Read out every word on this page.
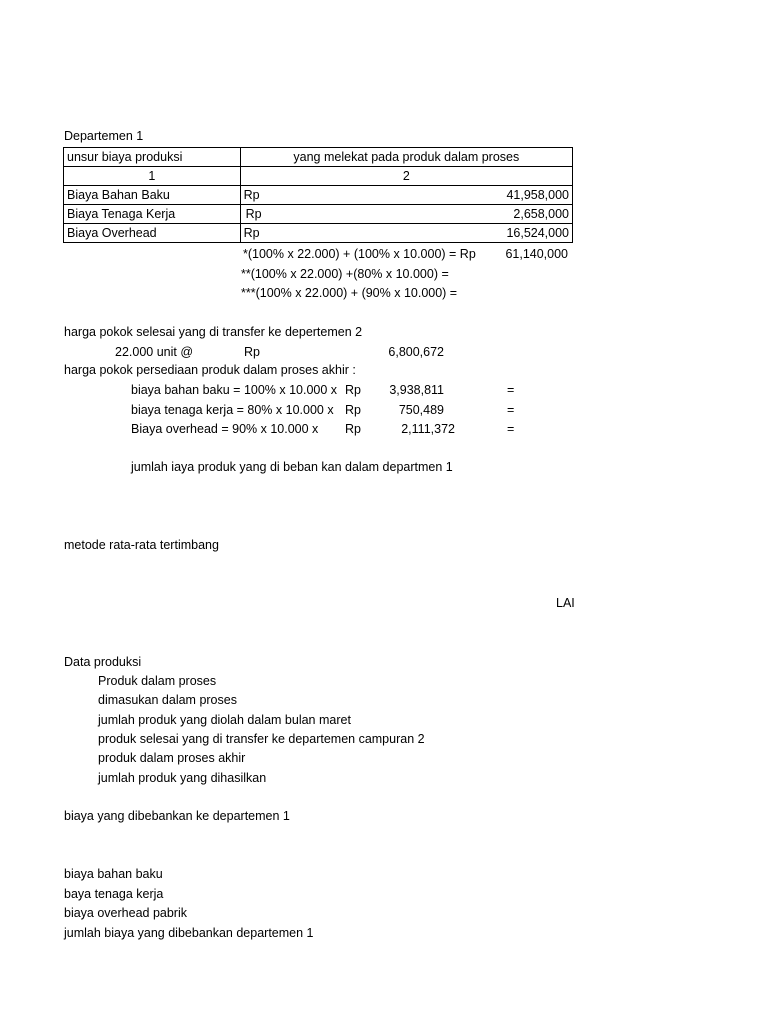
Departemen 1
unsur biaya produksi	yang melekat pada produk dalam proses
1	2
Biaya Bahan Baku	Rp 41,958,000

Biaya Tenaga Kerja	Rp 2,658,000

Biaya Overhead	Rp 16,524,000
*(100% x 22.000) + (100% x 10.000) = Rp	61,140,000
**(100% x 22.000) +(80% x 10.000) =
***(100% x 22.000) + (90% x 10.000) =
harga pokok selesai yang di transfer ke depertemen 2
22.000 unit @	Rp	6,800,672
harga pokok persediaan produk dalam proses akhir :
biaya bahan baku = 100% x 10.000 x Rp	3,938,811	=
biaya tenaga kerja = 80% x 10.000 x Rp	750,489	=
Biaya overhead = 90% x 10.000 x Rp	2,111,372	=
jumlah iaya produk yang di beban kan dalam departmen 1
metode rata-rata tertimbang
LAI
Data produksi
Produk dalam proses
dimasukan dalam proses
jumlah produk yang diolah dalam bulan maret
produk selesai yang di transfer ke departemen campuran 2
produk dalam proses akhir
jumlah produk yang dihasilkan
biaya yang dibebankan ke departemen 1
biaya bahan baku
baya tenaga kerja
biaya overhead pabrik
jumlah biaya yang dibebankan departemen 1
